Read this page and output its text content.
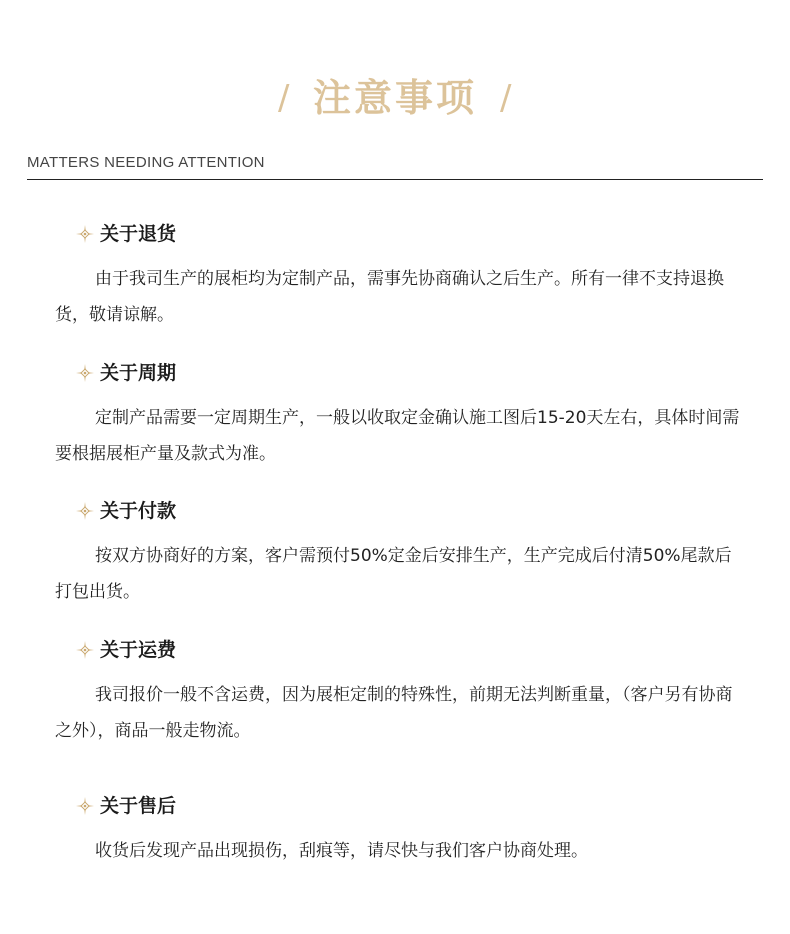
/ 注意事项 /
MATTERS NEEDING ATTENTION
关于退货

由于我司生产的展柜均为定制产品，需事先协商确认之后生产。所有一律不支持退换货，敬请谅解。

关于周期

定制产品需要一定周期生产，一般以收取定金确认施工图后15-20天左右，具体时间需要根据展柜产量及款式为准。

关于付款

按双方协商好的方案，客户需预付50%定金后安排生产，生产完成后付清50%尾款后打包出货。

关于运费

我司报价一般不含运费，因为展柜定制的特殊性，前期无法判断重量，（客户另有协商之外），商品一般走物流。

关于售后

收货后发现产品出现损伤，刮痕等，请尽快与我们客户协商处理。
